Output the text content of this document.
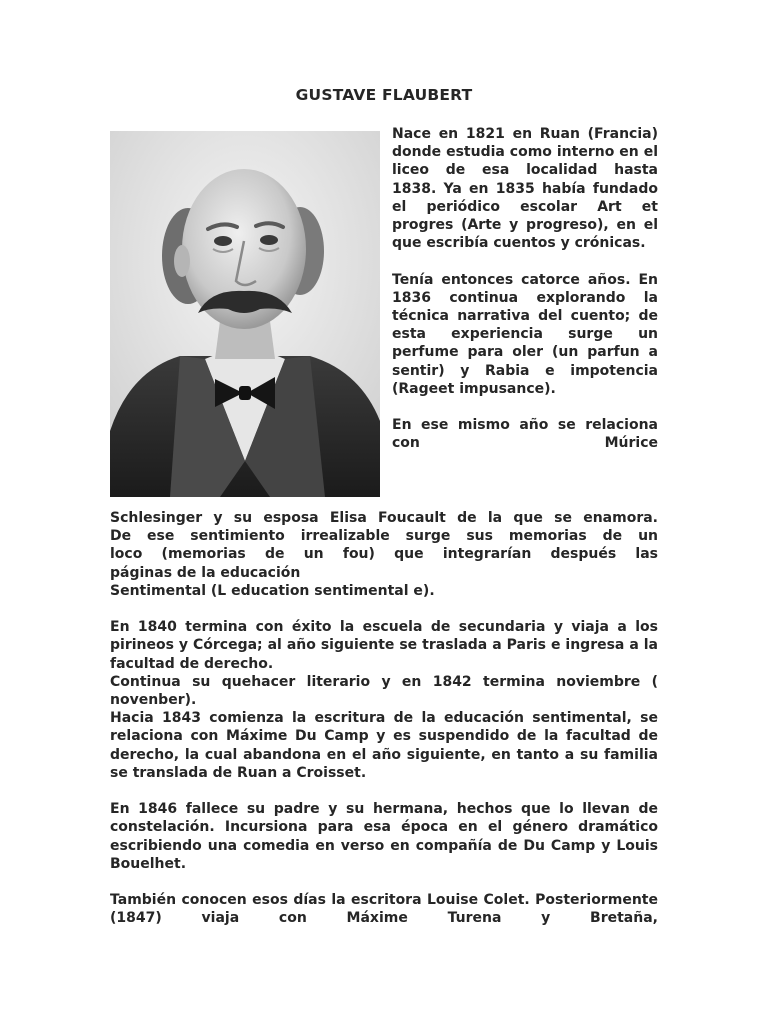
GUSTAVE FLAUBERT

Nace en 1821 en Ruan (Francia) donde estudia como interno en el liceo de esa localidad hasta 1838. Ya en 1835 había fundado el periódico escolar Art et progres (Arte y progreso), en el que escribía cuentos y crónicas.

Tenía entonces catorce años. En 1836 continua explorando la técnica narrativa del cuento; de esta experiencia surge un perfume para oler (un parfun a sentir) y Rabia e impotencia (Rageet impusance).

En ese mismo año se relaciona con Múrice

Schlesinger y su esposa Elisa Foucault de la que se enamora.
De ese sentimiento irrealizable surge sus memorias de un
loco (memorias de un fou) que integrarían después las
páginas de la educación
Sentimental (L education sentimental e).

En 1840 termina con éxito la escuela de secundaria y viaja a los pirineos y Córcega; al año siguiente se traslada a Paris e ingresa a la facultad de derecho.

Continua su quehacer literario y en 1842 termina noviembre ( novenber).

Hacia 1843 comienza la escritura de la educación sentimental, se relaciona con Máxime Du Camp y es suspendido de la facultad de derecho, la cual abandona en el año siguiente, en tanto a su familia se translada de Ruan a Croisset.

En 1846 fallece su padre y su hermana, hechos que lo llevan de constelación. Incursiona para esa época en el género dramático escribiendo una comedia en verso en compañía de Du Camp y Louis Bouelhet.

También conocen esos días la escritora Louise Colet. Posteriormente (1847) viaja con Máxime Turena y Bretaña,
